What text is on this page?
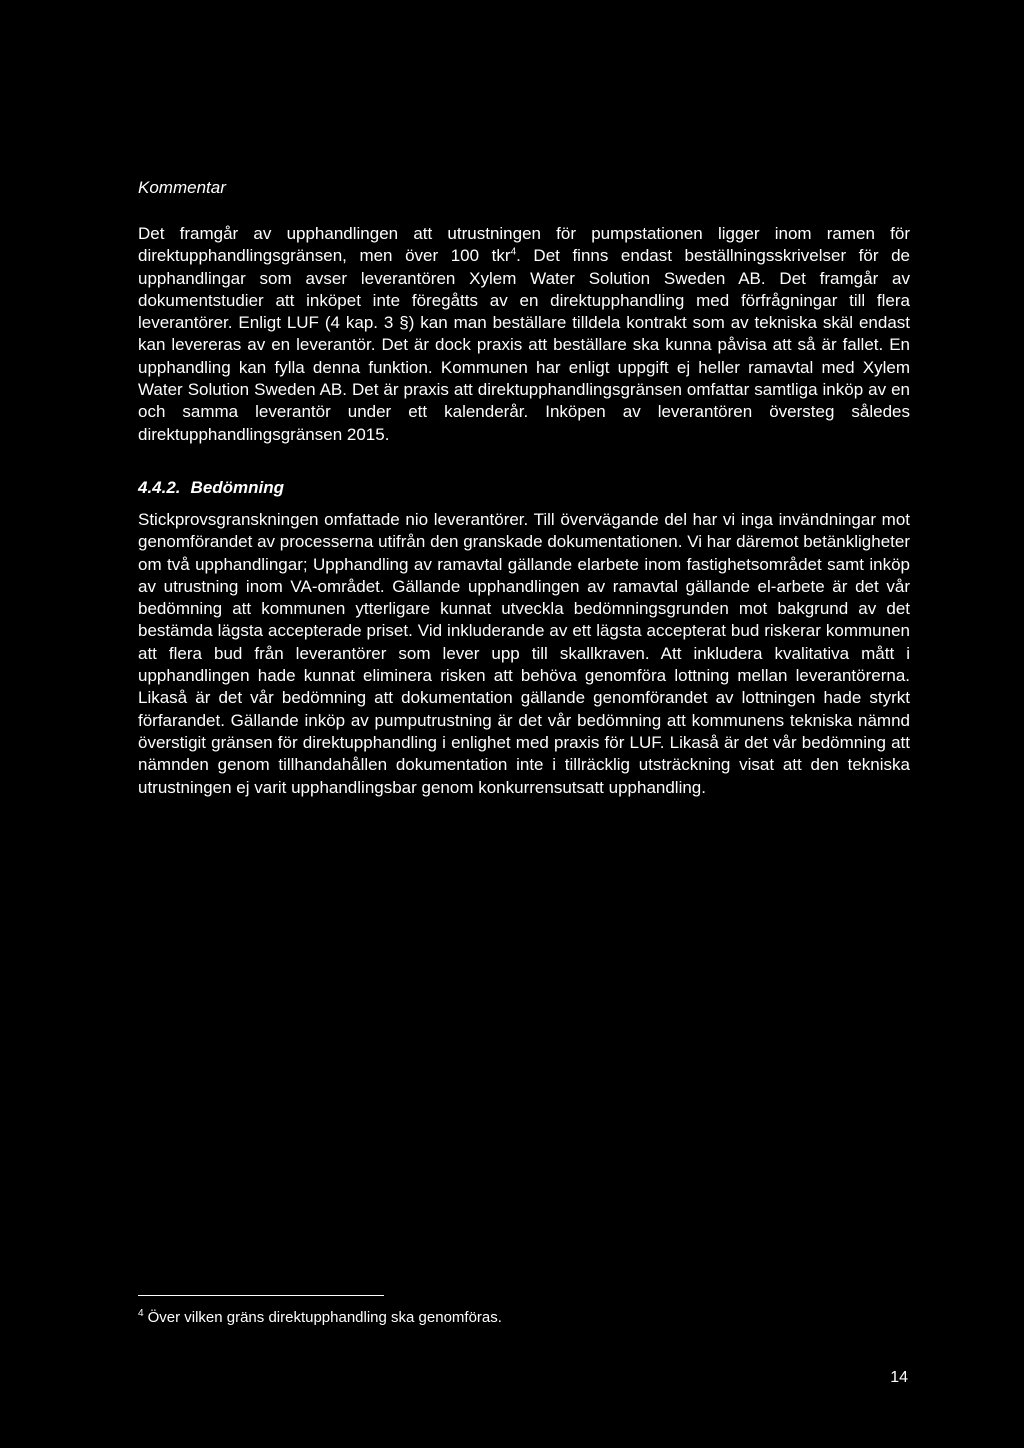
Kommentar

Det framgår av upphandlingen att utrustningen för pumpstationen ligger inom ramen för direktupphandlingsgränsen, men över 100 tkr$^4$. Det finns endast beställningsskrivelser för de upphandlingar som avser leverantören Xylem Water Solution Sweden AB. Det framgår av dokumentstudier att inköpet inte föregåtts av en direktupphandling med förfrågningar till flera leverantörer. Enligt LUF (4 kap. 3 §) kan man beställare tilldela kontrakt som av tekniska skäl endast kan levereras av en leverantör. Det är dock praxis att beställare ska kunna påvisa att så är fallet. En upphandling kan fylla denna funktion. Kommunen har enligt uppgift ej heller ramavtal med Xylem Water Solution Sweden AB. Det är praxis att direktupphandlingsgränsen omfattar samtliga inköp av en och samma leverantör under ett kalenderår. Inköpen av leverantören översteg således direktupphandlingsgränsen 2015.

4.4.2. Bedömning

Stickprovsgranskningen omfattade nio leverantörer. Till övervägande del har vi inga invändningar mot genomförandet av processerna utifrån den granskade dokumentationen. Vi har däremot betänkligheter om två upphandlingar; Upphandling av ramavtal gällande elarbete inom fastighetsområdet samt inköp av utrustning inom VA-området. Gällande upphandlingen av ramavtal gällande el-arbete är det vår bedömning att kommunen ytterligare kunnat utveckla bedömningsgrunden mot bakgrund av det bestämda lägsta accepterade priset. Vid inkluderande av ett lägsta accepterat bud riskerar kommunen att flera bud från leverantörer som lever upp till skallkraven. Att inkludera kvalitativa mått i upphandlingen hade kunnat eliminera risken att behöva genomföra lottning mellan leverantörerna. Likaså är det vår bedömning att dokumentation gällande genomförandet av lottningen hade styrkt förfarandet. Gällande inköp av pumputrustning är det vår bedömning att kommunens tekniska nämnd överstigit gränsen för direktupphandling i enlighet med praxis för LUF. Likaså är det vår bedömning att nämnden genom tillhandahållen dokumentation inte i tillräcklig utsträckning visat att den tekniska utrustningen ej varit upphandlingsbar genom konkurrensutsatt upphandling.

$^4$ Över vilken gräns direktupphandling ska genomföras.

14
